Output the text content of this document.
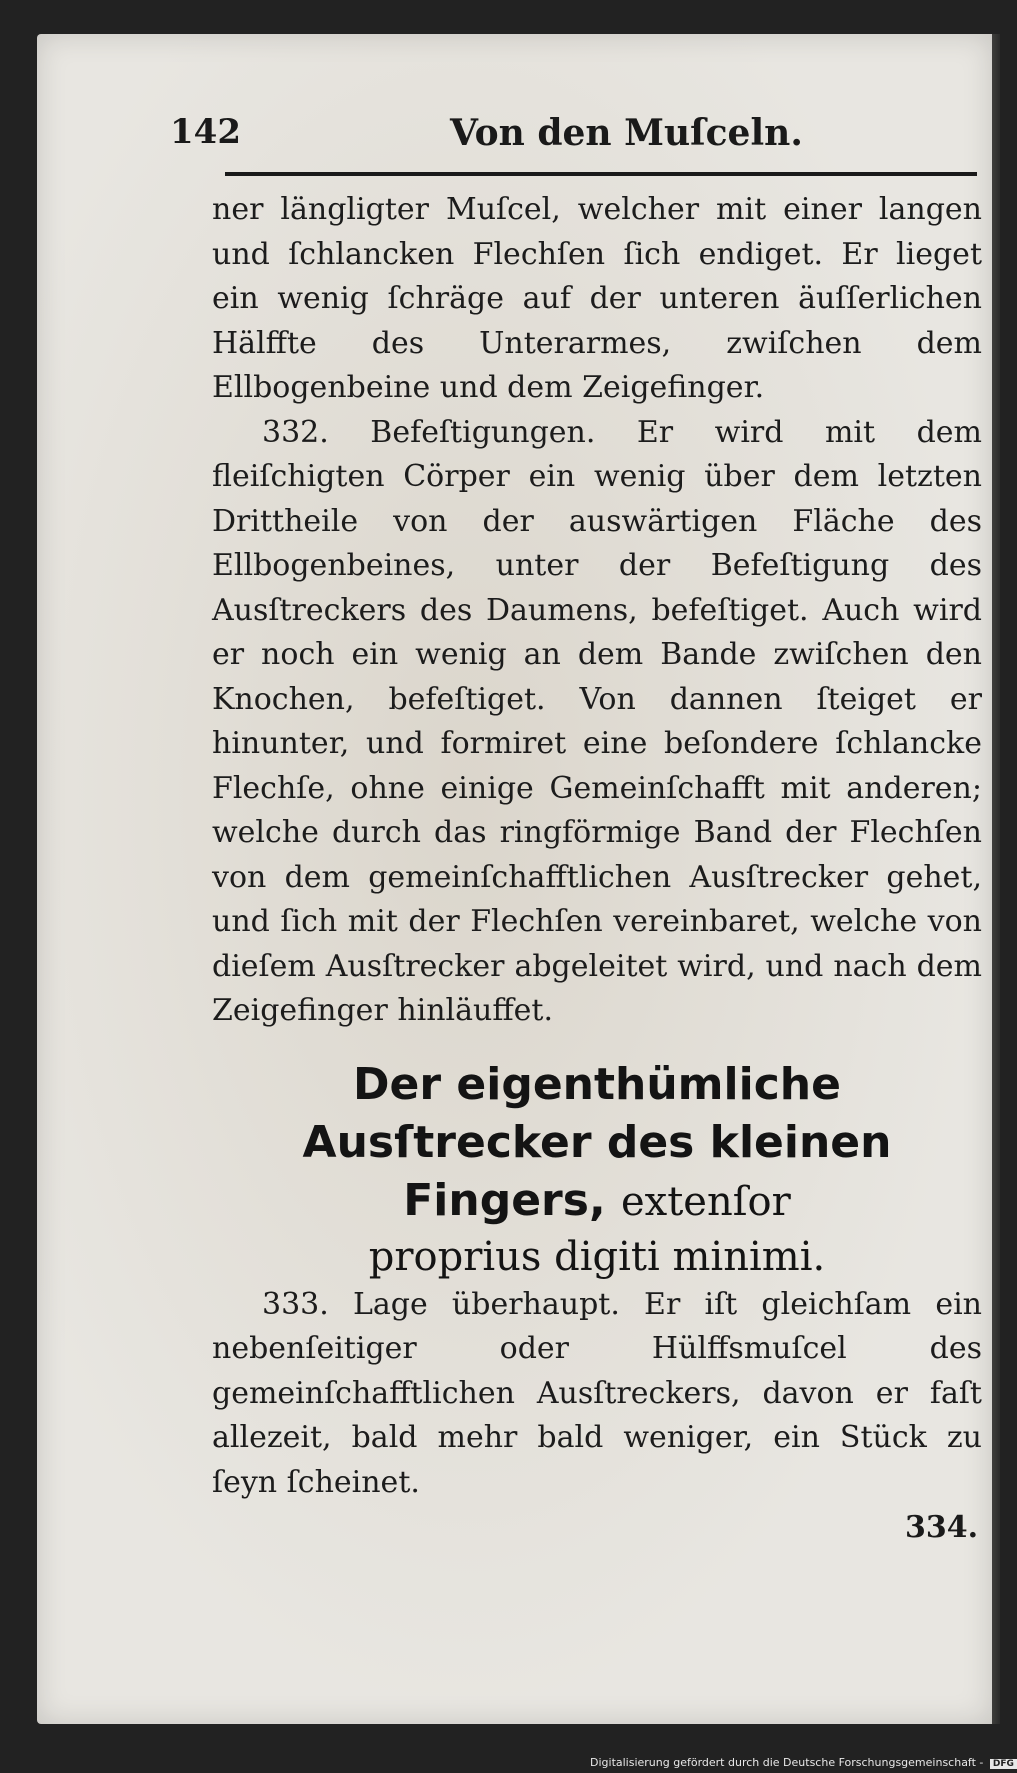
142	Von den Muſceln.

ner längligter Muſcel, welcher mit einer langen und ſchlancken Flechſen ſich endiget. Er lieget ein wenig ſchräge auf der unteren äuſſerlichen Hälffte des Unterarmes, zwiſchen dem Ellbogenbeine und dem Zeigefinger.

332. Befeſtigungen. Er wird mit dem fleiſchigten Cörper ein wenig über dem letzten Drittheile von der auswärtigen Fläche des Ellbogenbeines, unter der Befeſtigung des Ausſtreckers des Daumens, befeſtiget. Auch wird er noch ein wenig an dem Bande zwiſchen den Knochen, befeſtiget. Von dannen ſteiget er hinunter, und formiret eine beſondere ſchlancke Flechſe, ohne einige Gemeinſchafft mit anderen; welche durch das ringförmige Band der Flechſen von dem gemeinſchafftlichen Ausſtrecker gehet, und ſich mit der Flechſen vereinbaret, welche von dieſem Ausſtrecker abgeleitet wird, und nach dem Zeigefinger hinläuffet.

Der eigenthümliche Ausſtrecker des kleinen Fingers, extenſor
proprius digiti minimi.

333. Lage überhaupt. Er iſt gleichſam ein nebenſeitiger oder Hülffsmuſcel des gemeinſchafftlichen Ausſtreckers, davon er faſt allezeit, bald mehr bald weniger, ein Stück zu ſeyn ſcheinet.

334.
Digitalisierung gefördert durch die Deutsche Forschungsgemeinschaft - DFG
